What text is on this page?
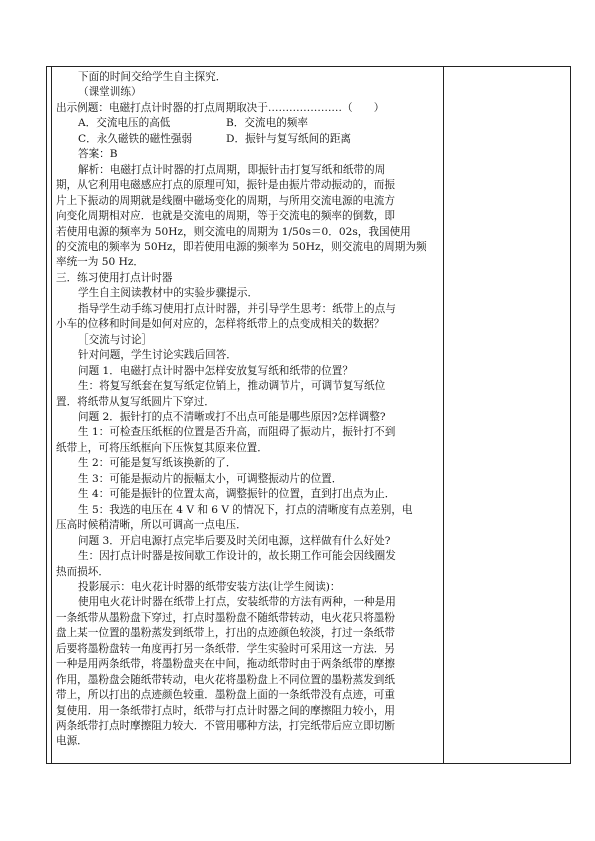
下面的时间交给学生自主探究．
（课堂训练）
出示例题：电磁打点计时器的打点周期取决于…………………（　　）
A．交流电压的高低	B．交流电的频率
C．永久磁铁的磁性强弱	D．振针与复写纸间的距离
答案：B
解析：电磁打点计时器的打点周期，即振针击打复写纸和纸带的周
期，从它利用电磁感应打点的原理可知，振针是由振片带动振动的，而振
片上下振动的周期就是线圈中磁场变化的周期，与所用交流电源的电流方
向变化周期相对应．也就是交流电的周期，等于交流电的频率的倒数，即
若使用电源的频率为 50Hz，则交流电的周期为 1/50s＝0．02s，我国使用
的交流电的频率为 50Hz，即若使用电源的频率为 50Hz，则交流电的周期为频
率统一为 50 Hz．
三．练习使用打点计时器
学生自主阅读教材中的实验步骤提示．
指导学生动手练习使用打点计时器，并引导学生思考：纸带上的点与
小车的位移和时间是如何对应的，怎样将纸带上的点变成相关的数据？
［交流与讨论］
针对问题，学生讨论实践后回答．
问题 1．电磁打点计时器中怎样安放复写纸和纸带的位置？
生：将复写纸套在复写纸定位销上，推动调节片，可调节复写纸位
置．将纸带从复写纸圆片下穿过．
问题 2．振针打的点不清晰或打不出点可能是哪些原因?怎样调整?
生 1：可检查压纸框的位置是否升高，而阻碍了振动片，振针打不到
纸带上，可将压纸框向下压恢复其原来位置．
生 2：可能是复写纸该换新的了．
生 3：可能是振动片的振幅太小，可调整振动片的位置．
生 4：可能是振针的位置太高，调整振针的位置，直到打出点为止．
生 5：我选的电压在 4 V 和 6 V 的情况下，打点的清晰度有点差别，电
压高时候稍清晰，所以可调高一点电压．
问题 3．开启电源打点完毕后要及时关闭电源，这样做有什么好处?
生：因打点计时器是按间歇工作设计的，故长期工作可能会因线圈发
热而损坏．
投影展示：电火花计时器的纸带安装方法(让学生阅读)：
使用电火花计时器在纸带上打点，安装纸带的方法有两种，一种是用
一条纸带从墨粉盘下穿过，打点时墨粉盘不随纸带转动，电火花只将墨粉
盘上某一位置的墨粉蒸发到纸带上，打出的点迹颜色较淡，打过一条纸带
后要将墨粉盘转一角度再打另一条纸带．学生实验时可采用这一方法．另
一种是用两条纸带，将墨粉盘夹在中间，拖动纸带时由于两条纸带的摩擦
作用，墨粉盘会随纸带转动，电火花将墨粉盘上不同位置的墨粉蒸发到纸
带上，所以打出的点迹颜色较重．墨粉盘上面的一条纸带没有点迹，可重
复使用．用一条纸带打点时，纸带与打点计时器之间的摩擦阻力较小，用
两条纸带打点时摩擦阻力较大．不管用哪种方法，打完纸带后应立即切断
电源．
